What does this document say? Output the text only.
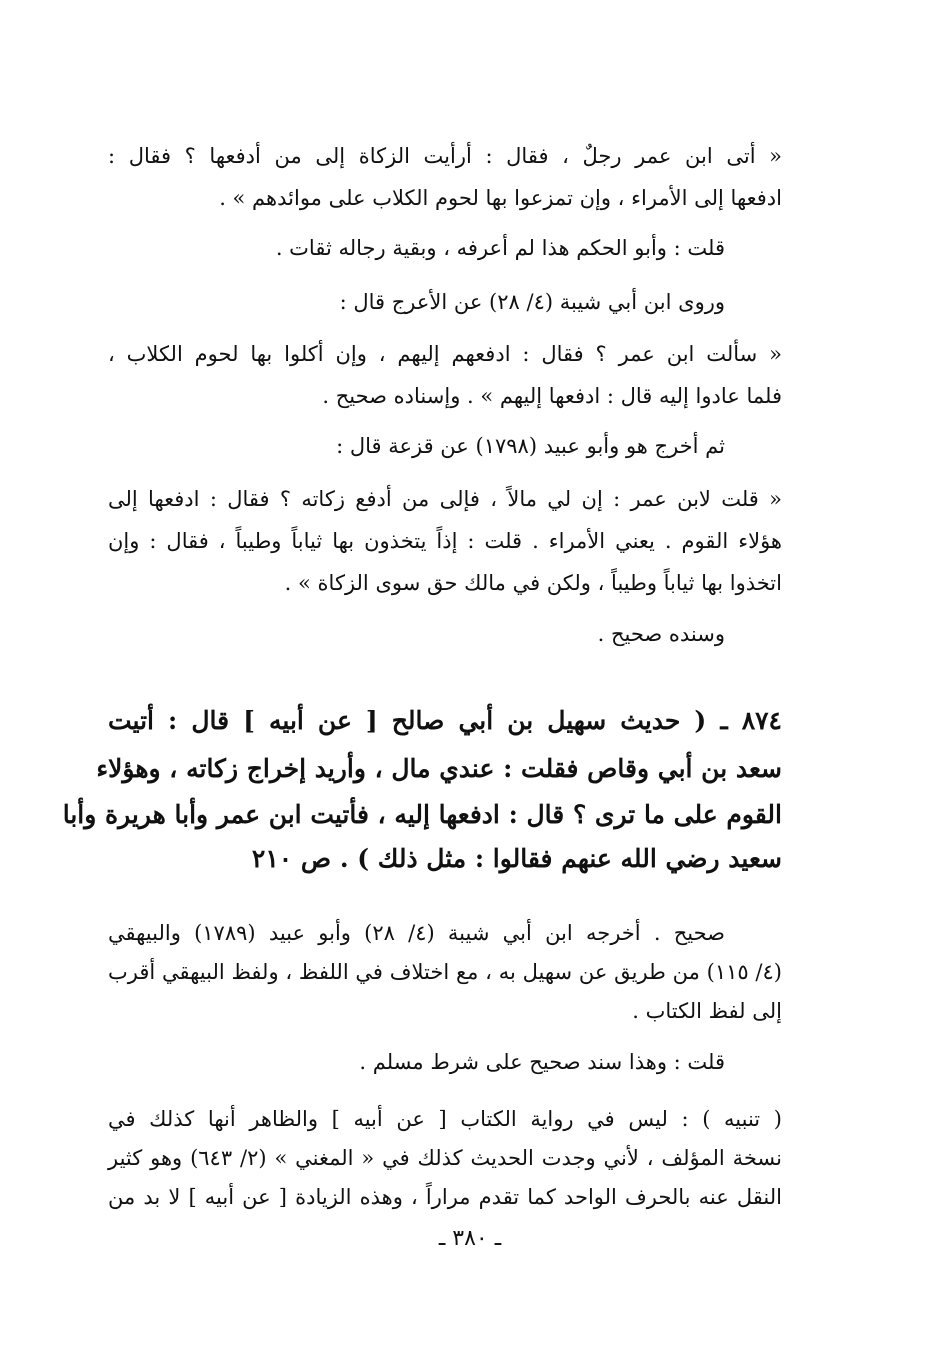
« أتى ابن عمر رجلٌ ، فقال : أرأيت الزكاة إلى من أدفعها ؟ فقال :
ادفعها إلى الأمراء ، وإن تمزعوا بها لحوم الكلاب على موائدهم » .
قلت : وأبو الحكم هذا لم أعرفه ، وبقية رجاله ثقات .
وروى ابن أبي شيبة (٤/ ٢٨) عن الأعرج قال :
« سألت ابن عمر ؟ فقال : ادفعهم إليهم ، وإن أكلوا بها لحوم الكلاب ،
فلما عادوا إليه قال : ادفعها إليهم » . وإسناده صحيح .
ثم أخرج هو وأبو عبيد (١٧٩٨) عن قزعة قال :
« قلت لابن عمر : إن لي مالاً ، فإلى من أدفع زكاته ؟ فقال : ادفعها إلى
هؤلاء القوم . يعني الأمراء . قلت : إذاً يتخذون بها ثياباً وطيباً ، فقال : وإن
اتخذوا بها ثياباً وطيباً ، ولكن في مالك حق سوى الزكاة » .
وسنده صحيح .
٨٧٤ ـ ( حديث سهيل بن أبي صالح [ عن أبيه ] قال : أتيت
سعد بن أبي وقاص فقلت : عندي مال ، وأريد إخراج زكاته ، وهؤلاء
القوم على ما ترى ؟ قال : ادفعها إليه ، فأتيت ابن عمر وأبا هريرة وأبا
سعيد رضي الله عنهم فقالوا : مثل ذلك ) . ص ٢١٠
صحيح . أخرجه ابن أبي شيبة (٤/ ٢٨) وأبو عبيد (١٧٨٩) والبيهقي
(٤/ ١١٥) من طريق عن سهيل به ، مع اختلاف في اللفظ ، ولفظ البيهقي أقرب
إلى لفظ الكتاب .
قلت : وهذا سند صحيح على شرط مسلم .
( تنبيه ) : ليس في رواية الكتاب [ عن أبيه ] والظاهر أنها كذلك في
نسخة المؤلف ، لأني وجدت الحديث كذلك في « المغني » (٢/ ٦٤٣) وهو كثير
النقل عنه بالحرف الواحد كما تقدم مراراً ، وهذه الزيادة [ عن أبيه ] لا بد من
ـ ٣٨٠ ـ
